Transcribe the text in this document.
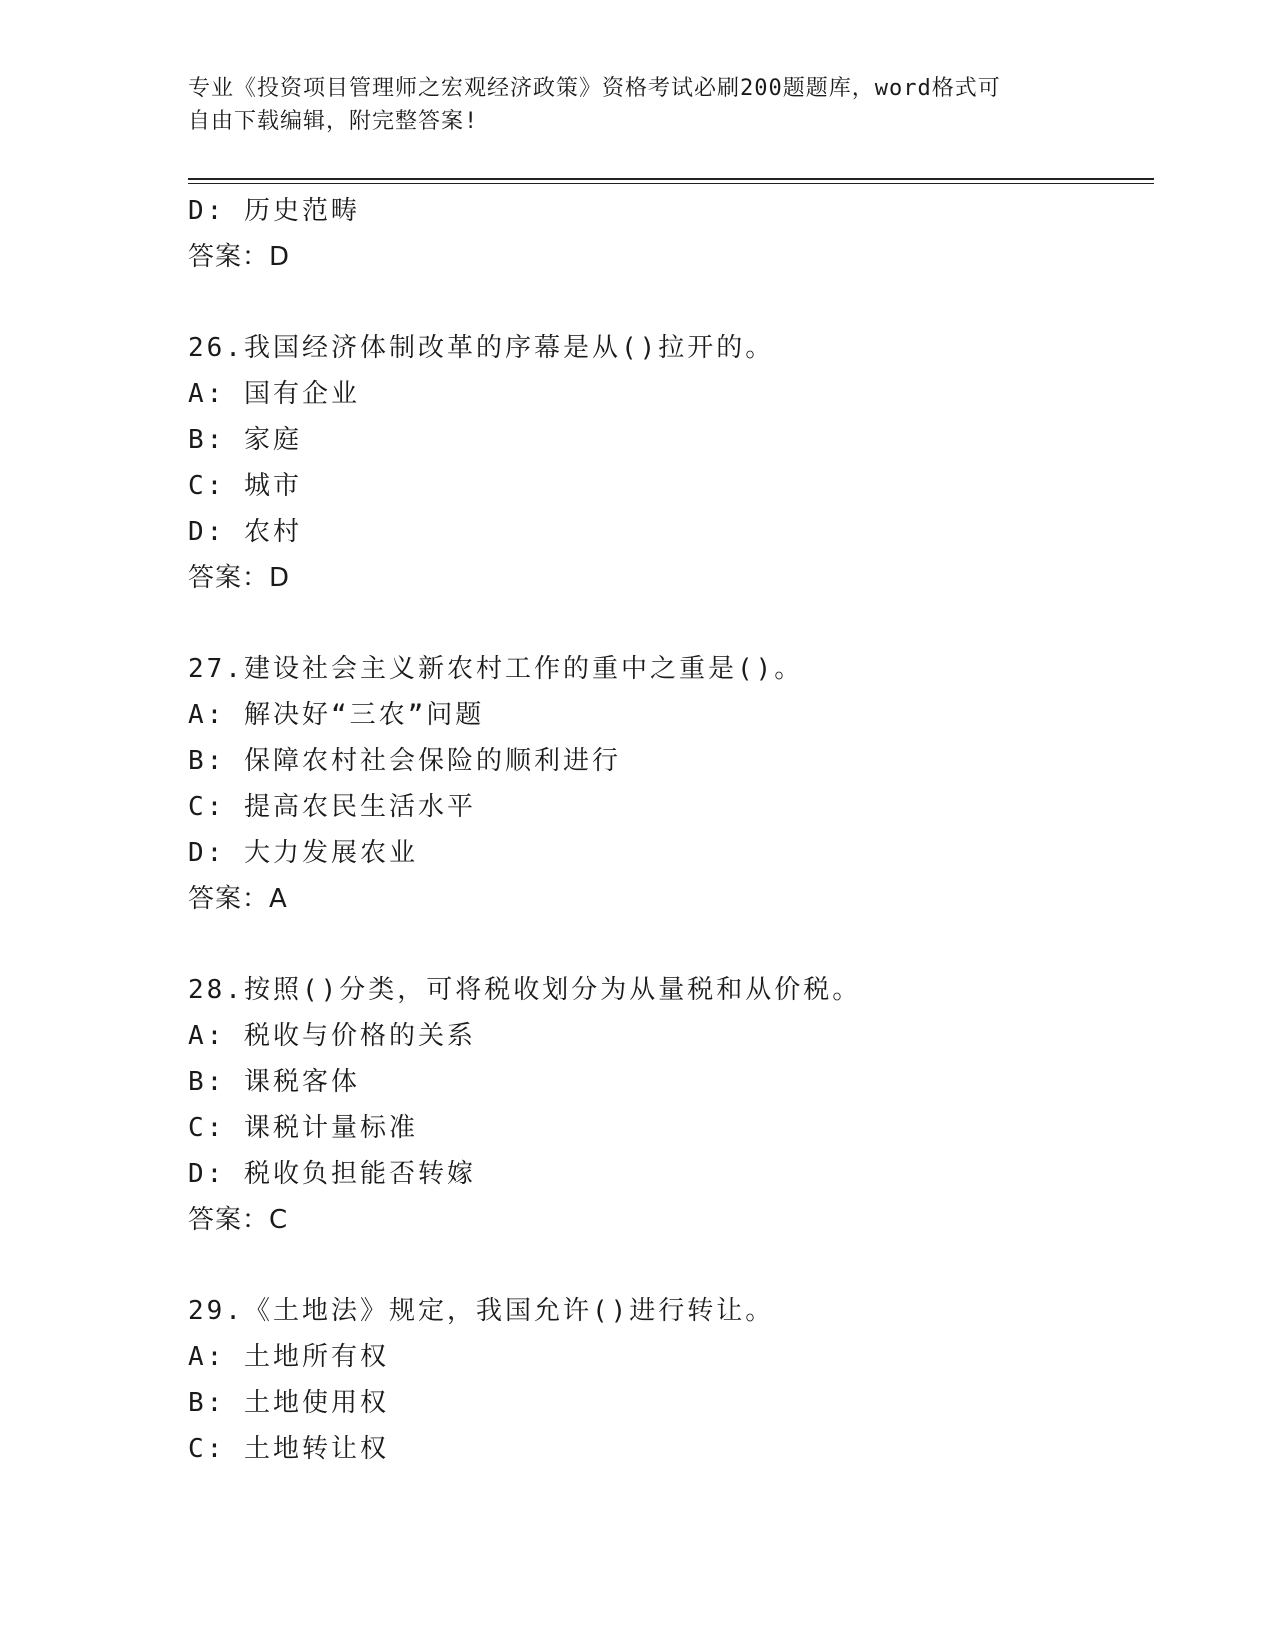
专业《投资项目管理师之宏观经济政策》资格考试必刷200题题库，word格式可
自由下载编辑，附完整答案!
D: 历史范畴
答案：D
26.我国经济体制改革的序幕是从()拉开的。
A: 国有企业
B: 家庭
C: 城市
D: 农村
答案：D
27.建设社会主义新农村工作的重中之重是()。
A: 解决好“三农”问题
B: 保障农村社会保险的顺利进行
C: 提高农民生活水平
D: 大力发展农业
答案：A
28.按照()分类，可将税收划分为从量税和从价税。
A: 税收与价格的关系
B: 课税客体
C: 课税计量标准
D: 税收负担能否转嫁
答案：C
29.《土地法》规定，我国允许()进行转让。
A: 土地所有权
B: 土地使用权
C: 土地转让权
